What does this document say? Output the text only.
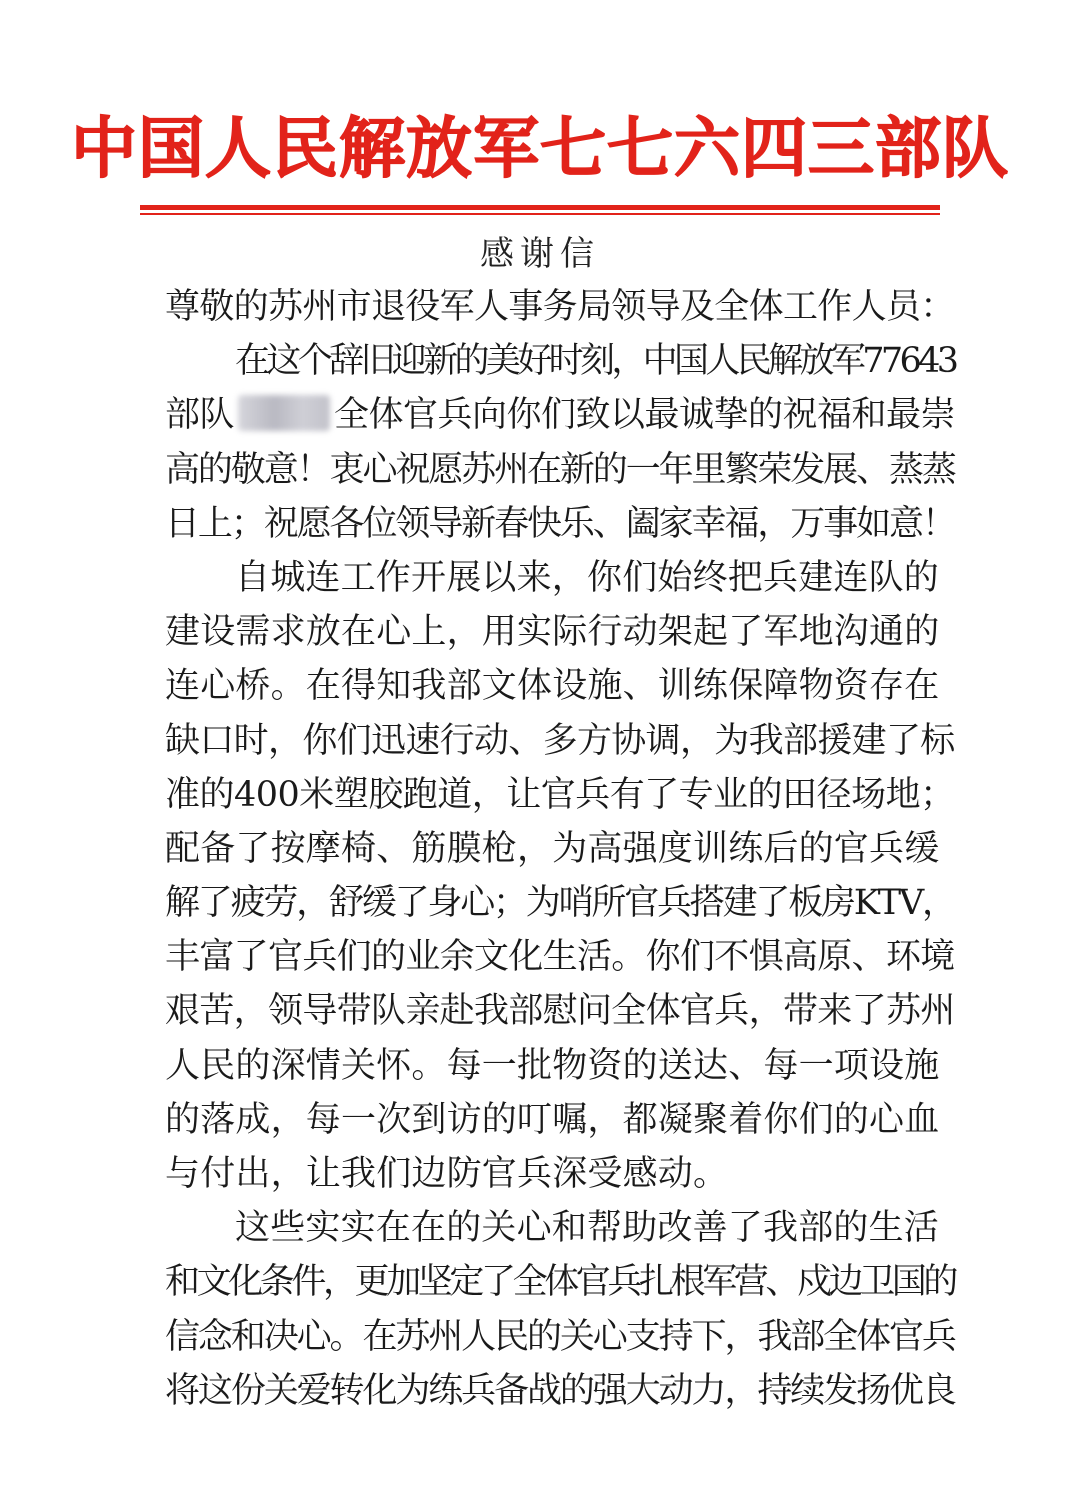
中国人民解放军七七六四三部队
感谢信
尊敬的苏州市退役军人事务局领导及全体工作人员：
在这个辞旧迎新的美好时刻，中国人民解放军77643
部队	全体官兵向你们致以最诚挚的祝福和最崇
高的敬意！衷心祝愿苏州在新的一年里繁荣发展、蒸蒸
日上；祝愿各位领导新春快乐、阖家幸福，万事如意！
自城连工作开展以来，你们始终把兵建连队的
建设需求放在心上，用实际行动架起了军地沟通的
连心桥。在得知我部文体设施、训练保障物资存在
缺口时，你们迅速行动、多方协调，为我部援建了标
准的400米塑胶跑道，让官兵有了专业的田径场地；
配备了按摩椅、筋膜枪，为高强度训练后的官兵缓
解了疲劳，舒缓了身心；为哨所官兵搭建了板房KTV，
丰富了官兵们的业余文化生活。你们不惧高原、环境
艰苦，领导带队亲赴我部慰问全体官兵，带来了苏州
人民的深情关怀。每一批物资的送达、每一项设施
的落成，每一次到访的叮嘱，都凝聚着你们的心血
与付出，让我们边防官兵深受感动。
这些实实在在的关心和帮助改善了我部的生活
和文化条件，更加坚定了全体官兵扎根军营、戍边卫国的
信念和决心。在苏州人民的关心支持下，我部全体官兵
将这份关爱转化为练兵备战的强大动力，持续发扬优良
